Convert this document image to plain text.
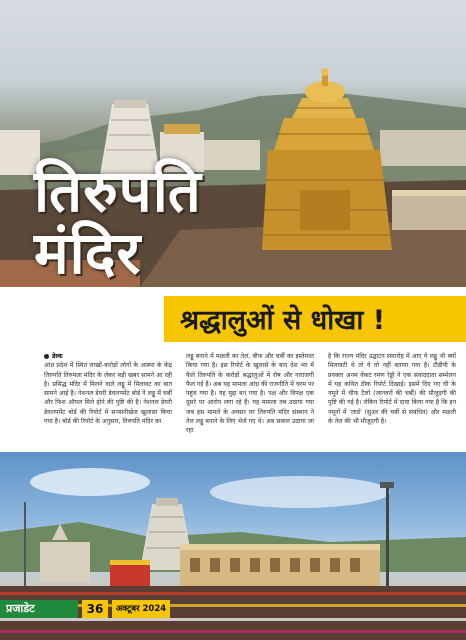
तिरुपति
मंदिर
श्रद्धालुओं से धोखा !
डेस्क
आंध्र प्रदेश में स्थित लाखों-करोड़ों लोगों के आस्था के केंद्र तिरुपति तिरुमला मंदिर के लेकर बड़ी खबर सामने आ रही है। प्रसिद्ध मंदिर में मिलने वाले लड्डू में मिलावट का बात सामने आई है। नेशनल डेयरी डेवलपमेंट बोर्ड ने लड्डू में चर्बी और फिश ऑयल मिले होने की पुष्टि की है। नेशनल डेयरी डेवलपमेंट बोर्ड की रिपोर्ट में सनसनीखेज खुलासा किया गया है। बोर्ड की रिपोर्ट के अनुसार, तिरुपति मंदिर का
लड्डू बनाने में मछली का तेल, बीफ और चर्बी का इस्तेमाल किया गया है। इस रिपोर्ट के खुलासे के बाद देश भर में फैले तिरुपति के करोड़ों श्रद्धालुओं में रोष और नाराजगी फैल गई है। अब यह मामला आंध्र की राजनीति में चरम पर पहुंच गया है। यह मुद्दा बन गया है। पक्ष और विपक्ष एक दूसरे पर आरोप लगा रहे हैं। यह मामला तब उठाया गया जब इस मामले के अवसर पर तिरुपति मंदिर संस्थान ने तेल लड्डू बनाने के लिए भेजे गए थे। अब सबाल उठाया जा रहा
है कि राज्य मंदिर उद्घाटन समारोह में आए ये लड्डू भी क्यों मिलावटी थे तो ये तो नहीं बताया गया है। टीडीपी के प्रवक्ता अनम वेंकट रमण रेड्डी ने एक संवाददाता सम्मेलन में यह कथित ठीक रिपोर्ट दिखाई। इसमें दिए गए घी के नमूने में चीफ टैलो (जानवरों की चर्बी) की मौजूदगी की पुष्टि की गई है। लेकिन रिपोर्ट में दावा किया गया है कि इन नमूनों में 'लार्ड' (सुअर की चर्बी से संबंधित) और मछली के तेल की भी मौजूदगी है।
प्रजाडेट	36	अक्टूबर 2024
